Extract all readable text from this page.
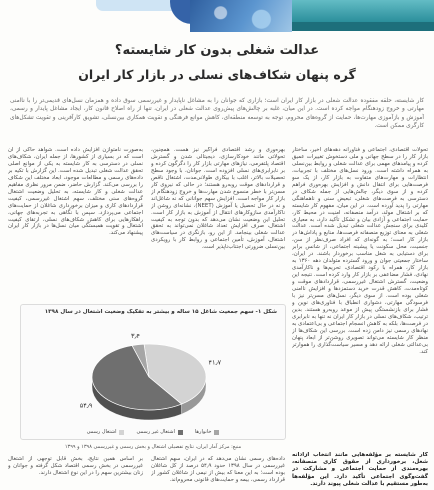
عدالت شغلی بدون کار شایسته؟
گره پنهان شکاف‌های نسلی در بازار کار ایران

کار شایسته، حلقه مفقوده عدالت شغلی در بازار کار ایران است؛ بازاری که جوانان را به مشاغل ناپایدار و غیررسمی سوق داده و همزمان نسل‌های قدیمی‌تر را با ناامنی مهارتی و خروج زودهنگام مواجه کرده است. در این میان، غلبه بر چالش‌های پیش‌روی عدالت شغلی در ایران، تنها از راه اصلاح قانون کار، ایجاد مشاغل پایدار و رسمی، آموزش و بازآموزی مهارت‌ها، حمایت از گروه‌های محروم، توجه به توسعه منطقه‌ای، کاهش موانع فرهنگی و تقویت همکاری بین‌نسلی، تشویق کارآفرینی و تقویت تشکل‌های کارگری ممکن است.

تحولات اقتصادی، اجتماعی و فناورانه دهه‌های اخیر، ساختار بازار کار را در سطح جهانی و ملی دستخوش تغییرات عمیق کرده و پیامدهای مهمی برای عدالت شغلی و روابط بین‌نسلی به همراه داشته است. ورود نسل‌های مختلف با تجربیات، انتظارات و مهارت‌های متفاوت به بازار کار، از یک سو فرصت‌هایی برای انتقال دانش و افزایش بهره‌وری فراهم کرده و از سوی دیگر، چالش‌هایی از جمله شکاف در دسترسی به فرصت‌های شغلی، تبعیض سنی و ناهماهنگی مهارتی را پدید آورده است. در این میان، مفهوم کار شایسته که بر اشتغال مولد، درآمد منصفانه، امنیت در محیط کار، حمایت اجتماعی و آزادی بیان و تشکل تأکید دارد، به معیاری کلیدی برای سنجش عدالت شغلی تبدیل شده است. عدالت شغلی به معنای توزیع منصفانه فرصت‌ها، منابع و پاداش‌ها در بازار کار است؛ به گونه‌ای که افراد صرف‌نظر از سن، جنسیت، محل سکونت یا پیشینه اجتماعی، از شانس برابر برای دستیابی به شغل مناسب برخوردار باشند. در ایران، ساختار جمعیتی جوان و ورود گسترده متولدان دهه ۱۳۶۰ به بازار کار، همراه با رکود اقتصادی، تحریم‌ها و ناکارآمدی نهادی، فشار مضاعفی بر بازار کار وارد کرده است. نتیجه این وضعیت، گسترش اشتغال غیررسمی، قراردادهای موقت و کوتاه‌مدت، کاهش قدرت خرید دستمزدها و افزایش ناامنی شغلی بوده است. از سوی دیگر، نسل‌های مسن‌تر نیز با فرسودگی مهارتی، دشواری انطباق با فناوری‌های نوین و فشار برای بازنشستگی پیش از موعد روبه‌رو هستند. بدین ترتیب، شکاف‌های نسلی در بازار کار ایران نه تنها به نابرابری در فرصت‌ها، بلکه به کاهش انسجام اجتماعی و بی‌اعتمادی به نهادهای رسمی نیز دامن زده است. بررسی این شکاف‌ها از منظر کار شایسته می‌تواند تصویری روشن‌تر از ابعاد پنهان بی‌عدالتی شغلی ارائه دهد و مسیر سیاست‌گذاری را هموارتر کند.
بهره‌وری و رشد اقتصادی فراگیر نیز هست. همچنین، تحولاتی مانند خودکارسازی، دیجیتالی شدن و گسترش اقتصاد پلتفرمی، نیازهای مهارتی بازار کار را دگرگون کرده و بر نابرابری‌های نسلی افزوده است. جوانان، با وجود سطح تحصیلات بالاتر، اغلب با بیکاری طولانی‌مدت، اشتغال ناقص و قراردادهای موقت روبه‌رو هستند؛ در حالی که نیروی کار مسن‌تر با خطر منسوخ شدن مهارت‌ها و خروج زودهنگام از بازار کار مواجه است. افزایش سهم جوانانی که نه شاغل‌اند و نه در حال تحصیل یا آموزش (NEET)، نشانه‌ای روشن از ناکارآمدی سازوکارهای انتقال از آموزش به بازار کار است. تحلیل این وضعیت نشان می‌دهد که بدون توجه به کیفیت اشتغال، صرف افزایش تعداد شاغلان نمی‌تواند به تحقق عدالت شغلی بینجامد. از این رو، بازنگری در سیاست‌های اشتغال، آموزش، تأمین اجتماعی و روابط کار با رویکردی بین‌نسلی ضرورتی اجتناب‌ناپذیر است.
به‌صورت نامتوازن افزایش داده است. شواهد حاکی از آن است که در بسیاری از کشورها، از جمله ایران، شکاف‌های نسلی در دسترسی به کار شایسته به یکی از موانع اصلی تحقق عدالت شغلی تبدیل شده است. این گزارش با تکیه بر داده‌های رسمی و مطالعات موجود، ابعاد مختلف این شکاف را بررسی می‌کند. گزارش حاضر، ضمن مرور نظری مفاهیم عدالت شغلی و کار شایسته، به تحلیل وضعیت اشتغال گروه‌های سنی مختلف، سهم اشتغال غیررسمی، کیفیت قراردادهای کاری و میزان برخورداری شاغلان از حمایت‌های اجتماعی می‌پردازد. سپس با نگاهی به تجربه‌های جهانی، راهکارهایی برای کاهش شکاف‌های نسلی، ارتقای کیفیت اشتغال و تقویت همبستگی میان نسل‌ها در بازار کار ایران پیشنهاد می‌کند.
شکل ۱- سهم جمعیت شاغل ۱۵ ساله و بیشتر به تفکیک وضعیت اشتغال در سال ۱۳۹۸
۴۱٫۷
۵۴٫۹
۳٫۴
خانوارها
اشتغال غیر رسمی
اشتغال رسمی
منبع: مرکز آمار ایران، نتایج تفصیلی اشتغال و بخش رسمی و غیررسمی ۱۳۹۸ و ۱۳۹۹
داده‌های رسمی نشان می‌دهد که در ایران، سهم اشتغال غیررسمی در سال ۱۳۹۸ حدود ۵۴٫۹ درصد از کل شاغلان بوده است؛ به این معنا که بیش از نیمی از شاغلان کشور از قرارداد رسمی، بیمه و حمایت‌های قانونی محروم‌اند.
بر اساس همین نتایج، بخش قابل توجهی از اشتغال غیررسمی در بخش رسمی اقتصاد شکل گرفته و جوانان و زنان بیشترین سهم را در این نوع اشتغال دارند.
کار شایسته بر مؤلفه‌هایی مانند انتخاب آزادانه شغل، برخورداری از حقوق کاری منصفانه، بهره‌مندی از حمایت اجتماعی و مشارکت در گفت‌وگوی اجتماعی تأکید دارد. این مؤلفه‌ها به‌طور مستقیم با عدالت شغلی پیوند دارند.
